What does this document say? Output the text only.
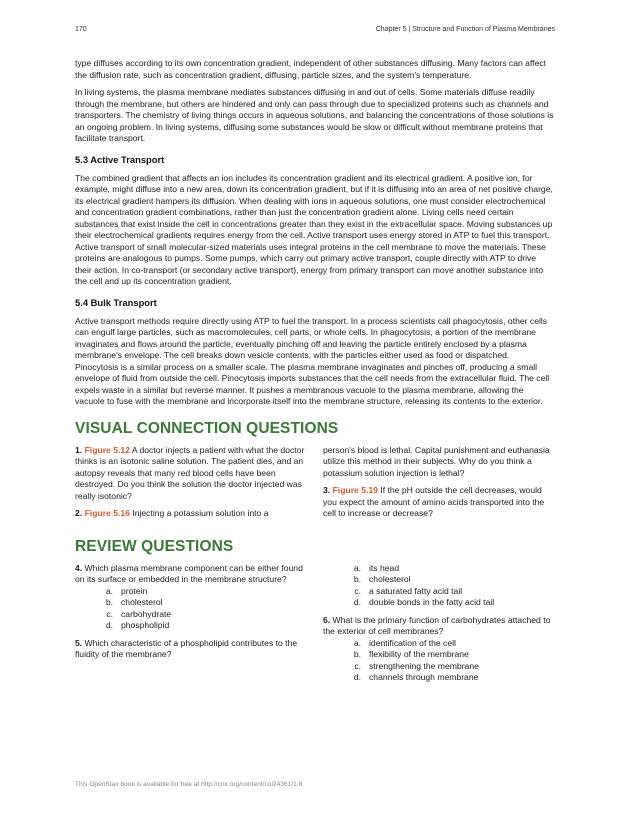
170	Chapter 5 | Structure and Function of Plasma Membranes

type diffuses according to its own concentration gradient, independent of other substances diffusing. Many factors can affect the diffusion rate, such as concentration gradient, diffusing, particle sizes, and the system's temperature.

In living systems, the plasma membrane mediates substances diffusing in and out of cells. Some materials diffuse readily through the membrane, but others are hindered and only can pass through due to specialized proteins such as channels and transporters. The chemistry of living things occurs in aqueous solutions, and balancing the concentrations of those solutions is an ongoing problem. In living systems, diffusing some substances would be slow or difficult without membrane proteins that facilitate transport.

5.3 Active Transport

The combined gradient that affects an ion includes its concentration gradient and its electrical gradient. A positive ion, for example, might diffuse into a new area, down its concentration gradient, but if it is diffusing into an area of net positive charge, its electrical gradient hampers its diffusion. When dealing with ions in aqueous solutions, one must consider electrochemical and concentration gradient combinations, rather than just the concentration gradient alone. Living cells need certain substances that exist inside the cell in concentrations greater than they exist in the extracellular space. Moving substances up their electrochemical gradients requires energy from the cell. Active transport uses energy stored in ATP to fuel this transport. Active transport of small molecular-sized materials uses integral proteins in the cell membrane to move the materials. These proteins are analogous to pumps. Some pumps, which carry out primary active transport, couple directly with ATP to drive their action. In co-transport (or secondary active transport), energy from primary transport can move another substance into the cell and up its concentration gradient.

5.4 Bulk Transport

Active transport methods require directly using ATP to fuel the transport. In a process scientists call phagocytosis, other cells can engulf large particles, such as macromolecules, cell parts, or whole cells. In phagocytosis, a portion of the membrane invaginates and flows around the particle, eventually pinching off and leaving the particle entirely enclosed by a plasma membrane's envelope. The cell breaks down vesicle contents, with the particles either used as food or dispatched. Pinocytosis is a similar process on a smaller scale. The plasma membrane invaginates and pinches off, producing a small envelope of fluid from outside the cell. Pinocytosis imports substances that the cell needs from the extracellular fluid. The cell expels waste in a similar but reverse manner. It pushes a membranous vacuole to the plasma membrane, allowing the vacuole to fuse with the membrane and incorporate itself into the membrane structure, releasing its contents to the exterior.

VISUAL CONNECTION QUESTIONS

1. Figure 5.12 A doctor injects a patient with what the doctor thinks is an isotonic saline solution. The patient dies, and an autopsy reveals that many red blood cells have been destroyed. Do you think the solution the doctor injected was really isotonic?

2. Figure 5.16 Injecting a potassium solution into a

person's blood is lethal. Capital punishment and euthanasia utilize this method in their subjects. Why do you think a potassium solution injection is lethal?

3. Figure 5.19 If the pH outside the cell decreases, would you expect the amount of amino acids transported into the cell to increase or decrease?

REVIEW QUESTIONS

4. Which plasma membrane component can be either found on its surface or embedded in the membrane structure?

a. protein
b. cholesterol
c. carbohydrate
d. phospholipid

5. Which characteristic of a phospholipid contributes to the fluidity of the membrane?

a. its head
b. cholesterol
c. a saturated fatty acid tail
d. double bonds in the fatty acid tail

6. What is the primary function of carbohydrates attached to the exterior of cell membranes?

a. identification of the cell
b. flexibility of the membrane
c. strengthening the membrane
d. channels through membrane
This OpenStax book is available for free at http://cnx.org/content/col24361/1.8
